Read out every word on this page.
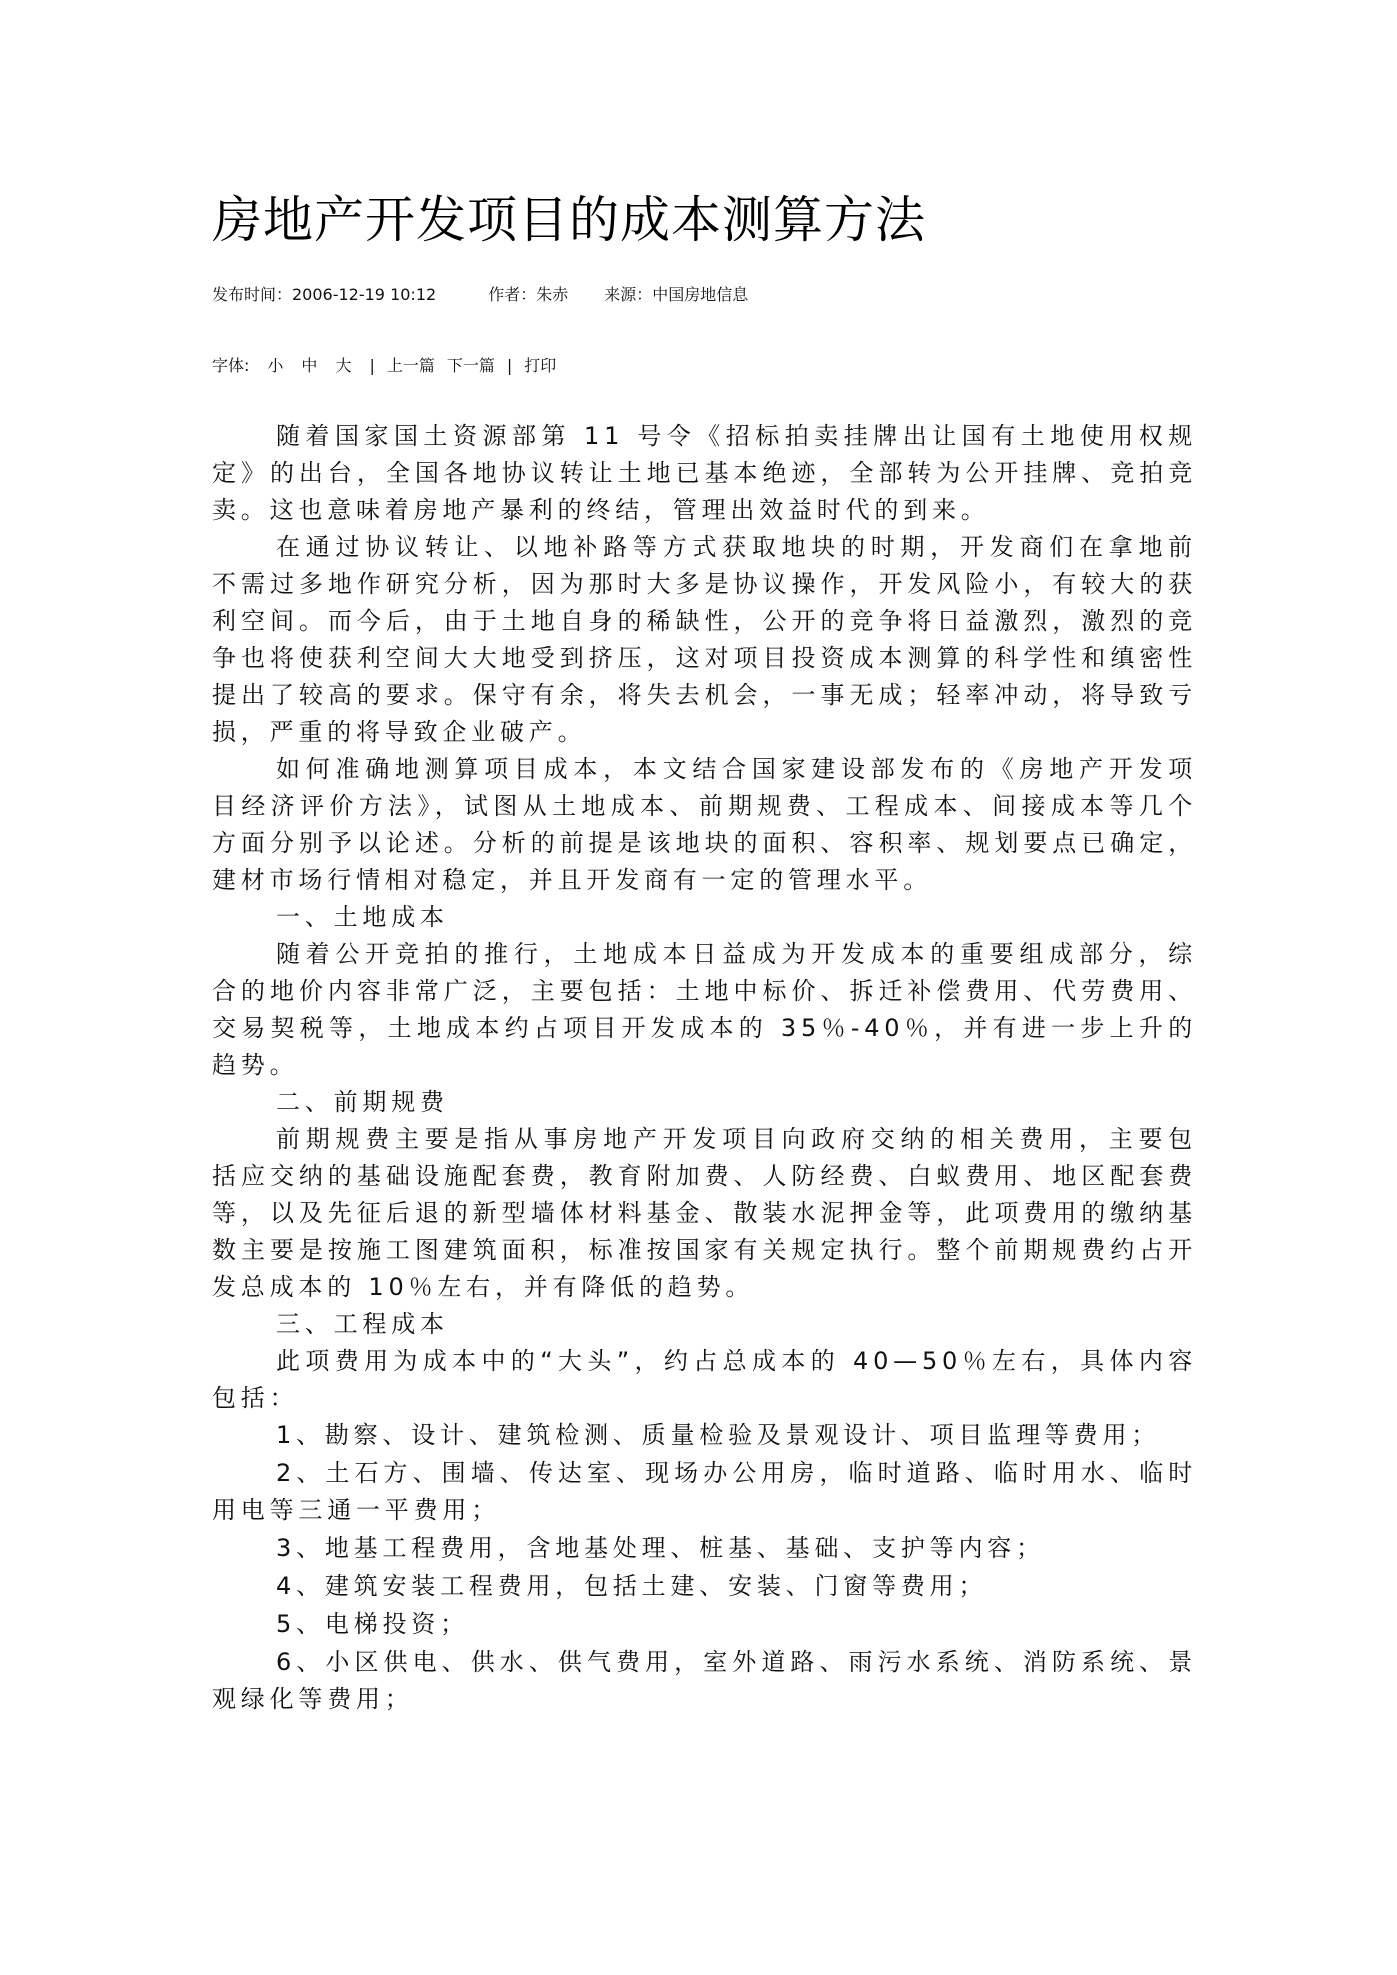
房地产开发项目的成本测算方法
发布时间：2006-12-19 10:12	作者：朱赤 来源：中国房地信息
字体: 小 中 大 | 上一篇 下一篇 | 打印

随着国家国土资源部第 11 号令《招标拍卖挂牌出让国有土地使用权规定》的出台，全国各地协议转让土地已基本绝迹，全部转为公开挂牌、竞拍竞卖。这也意味着房地产暴利的终结，管理出效益时代的到来。

在通过协议转让、以地补路等方式获取地块的时期，开发商们在拿地前不需过多地作研究分析，因为那时大多是协议操作，开发风险小，有较大的获利空间。而今后，由于土地自身的稀缺性，公开的竞争将日益激烈，激烈的竞争也将使获利空间大大地受到挤压，这对项目投资成本测算的科学性和缜密性提出了较高的要求。保守有余，将失去机会，一事无成；轻率冲动，将导致亏损，严重的将导致企业破产。

如何准确地测算项目成本，本文结合国家建设部发布的《房地产开发项目经济评价方法》，试图从土地成本、前期规费、工程成本、间接成本等几个方面分别予以论述。分析的前提是该地块的面积、容积率、规划要点已确定，建材市场行情相对稳定，并且开发商有一定的管理水平。

一、土地成本

随着公开竞拍的推行，土地成本日益成为开发成本的重要组成部分，综合的地价内容非常广泛，主要包括：土地中标价、拆迁补偿费用、代劳费用、交易契税等，土地成本约占项目开发成本的 35％-40％，并有进一步上升的趋势。

二、前期规费

前期规费主要是指从事房地产开发项目向政府交纳的相关费用，主要包括应交纳的基础设施配套费，教育附加费、人防经费、白蚁费用、地区配套费等，以及先征后退的新型墙体材料基金、散装水泥押金等，此项费用的缴纳基数主要是按施工图建筑面积，标准按国家有关规定执行。整个前期规费约占开发总成本的 10％左右，并有降低的趋势。

三、工程成本

此项费用为成本中的“大头”，约占总成本的 40—50％左右，具体内容包括：

1、勘察、设计、建筑检测、质量检验及景观设计、项目监理等费用；

2、土石方、围墙、传达室、现场办公用房，临时道路、临时用水、临时用电等三通一平费用；

3、地基工程费用，含地基处理、桩基、基础、支护等内容；

4、建筑安装工程费用，包括土建、安装、门窗等费用；

5、电梯投资；

6、小区供电、供水、供气费用，室外道路、雨污水系统、消防系统、景观绿化等费用；
